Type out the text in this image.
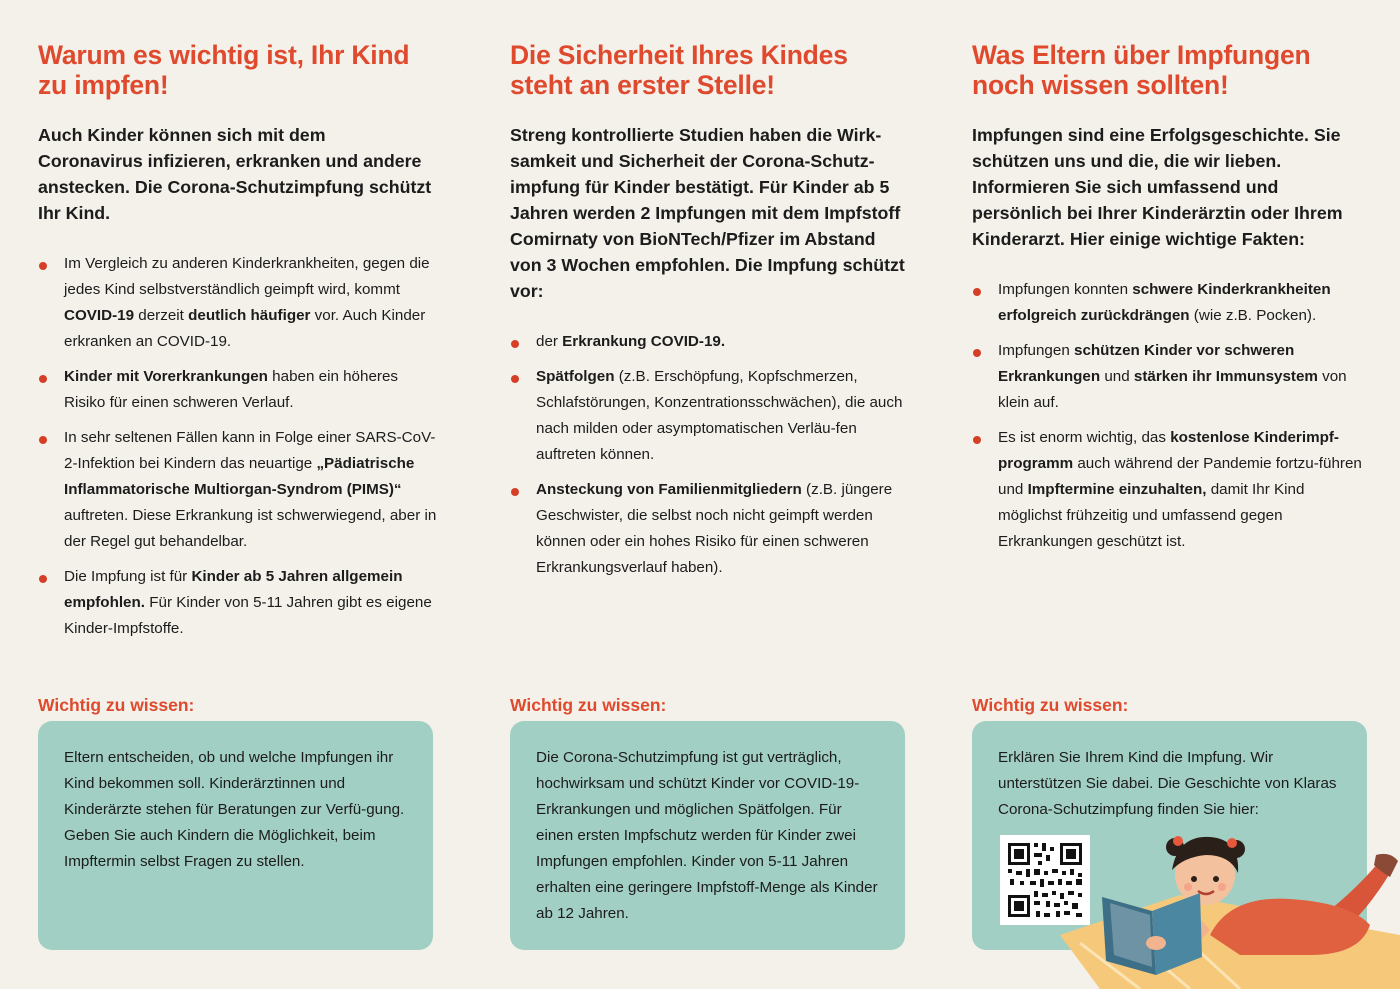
Warum es wichtig ist, Ihr Kind zu impfen!

Auch Kinder können sich mit dem Coronavirus infizieren, erkranken und andere anstecken. Die Corona-Schutzimpfung schützt Ihr Kind.

Im Vergleich zu anderen Kinderkrankheiten, gegen die jedes Kind selbstverständlich geimpft wird, kommt COVID-19 derzeit deutlich häufiger vor. Auch Kinder erkranken an COVID-19.
Kinder mit Vorerkrankungen haben ein höheres Risiko für einen schweren Verlauf.
In sehr seltenen Fällen kann in Folge einer SARS-CoV-2-Infektion bei Kindern das neuartige „Pädiatrische Inflammatorische Multiorgan-Syndrom (PIMS)“ auftreten. Diese Erkrankung ist schwerwiegend, aber in der Regel gut behandelbar.
Die Impfung ist für Kinder ab 5 Jahren allgemein empfohlen. Für Kinder von 5-11 Jahren gibt es eigene Kinder-Impfstoffe.
Die Sicherheit Ihres Kindes steht an erster Stelle!

Streng kontrollierte Studien haben die Wirk-samkeit und Sicherheit der Corona-Schutz-impfung für Kinder bestätigt. Für Kinder ab 5 Jahren werden 2 Impfungen mit dem Impfstoff Comirnaty von BioNTech/Pfizer im Abstand von 3 Wochen empfohlen. Die Impfung schützt vor:

der Erkrankung COVID-19.
Spätfolgen (z.B. Erschöpfung, Kopfschmerzen, Schlafstörungen, Konzentrationsschwächen), die auch nach milden oder asymptomatischen Verläu-fen auftreten können.
Ansteckung von Familienmitgliedern (z.B. jüngere Geschwister, die selbst noch nicht geimpft werden können oder ein hohes Risiko für einen schweren Erkrankungsverlauf haben).
Was Eltern über Impfungen noch wissen sollten!

Impfungen sind eine Erfolgsgeschichte. Sie schützen uns und die, die wir lieben. Informieren Sie sich umfassend und persönlich bei Ihrer Kinderärztin oder Ihrem Kinderarzt. Hier einige wichtige Fakten:

Impfungen konnten schwere Kinderkrankheiten erfolgreich zurückdrängen (wie z.B. Pocken).
Impfungen schützen Kinder vor schweren Erkrankungen und stärken ihr Immunsystem von klein auf.
Es ist enorm wichtig, das kostenlose Kinderimpf-programm auch während der Pandemie fortzu-führen und Impftermine einzuhalten, damit Ihr Kind möglichst frühzeitig und umfassend gegen Erkrankungen geschützt ist.

Wichtig zu wissen:	Wichtig zu wissen:	Wichtig zu wissen:

Eltern entscheiden, ob und welche Impfungen ihr Kind bekommen soll. Kinderärztinnen und Kinderärzte stehen für Beratungen zur Verfü-gung. Geben Sie auch Kindern die Möglichkeit, beim Impftermin selbst Fragen zu stellen.
Die Corona-Schutzimpfung ist gut verträglich, hochwirksam und schützt Kinder vor COVID-19-Erkrankungen und möglichen Spätfolgen. Für einen ersten Impfschutz werden für Kinder zwei Impfungen empfohlen. Kinder von 5-11 Jahren erhalten eine geringere Impfstoff-Menge als Kinder ab 12 Jahren.
Erklären Sie Ihrem Kind die Impfung. Wir unterstützen Sie dabei. Die Geschichte von Klaras Corona-Schutzimpfung finden Sie hier:
